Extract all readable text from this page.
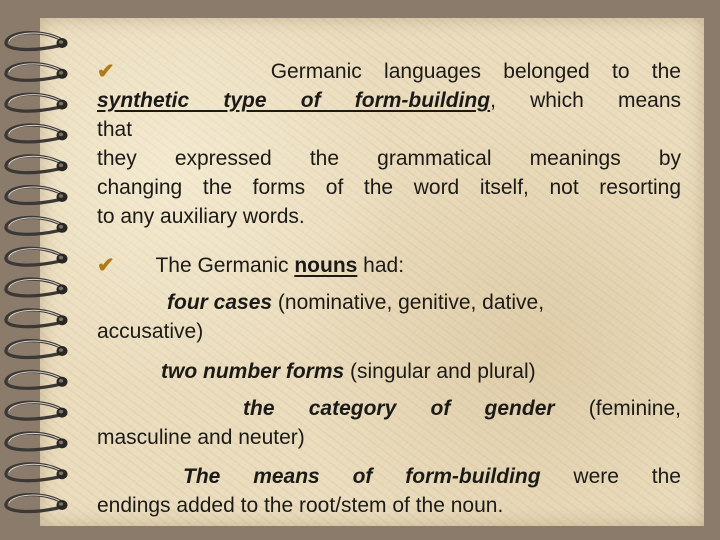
✔	Germanic languages belonged to the
synthetic type of form-building, which means
that
they expressed the grammatical meanings by
changing the forms of the word itself, not resorting
to any auxiliary words.
✔ The Germanic nouns had:
four cases (nominative, genitive, dative,
accusative)
two number forms (singular and plural)
the category of gender (feminine,
masculine and neuter)
The means of form-building were the
endings added to the root/stem of the noun.
